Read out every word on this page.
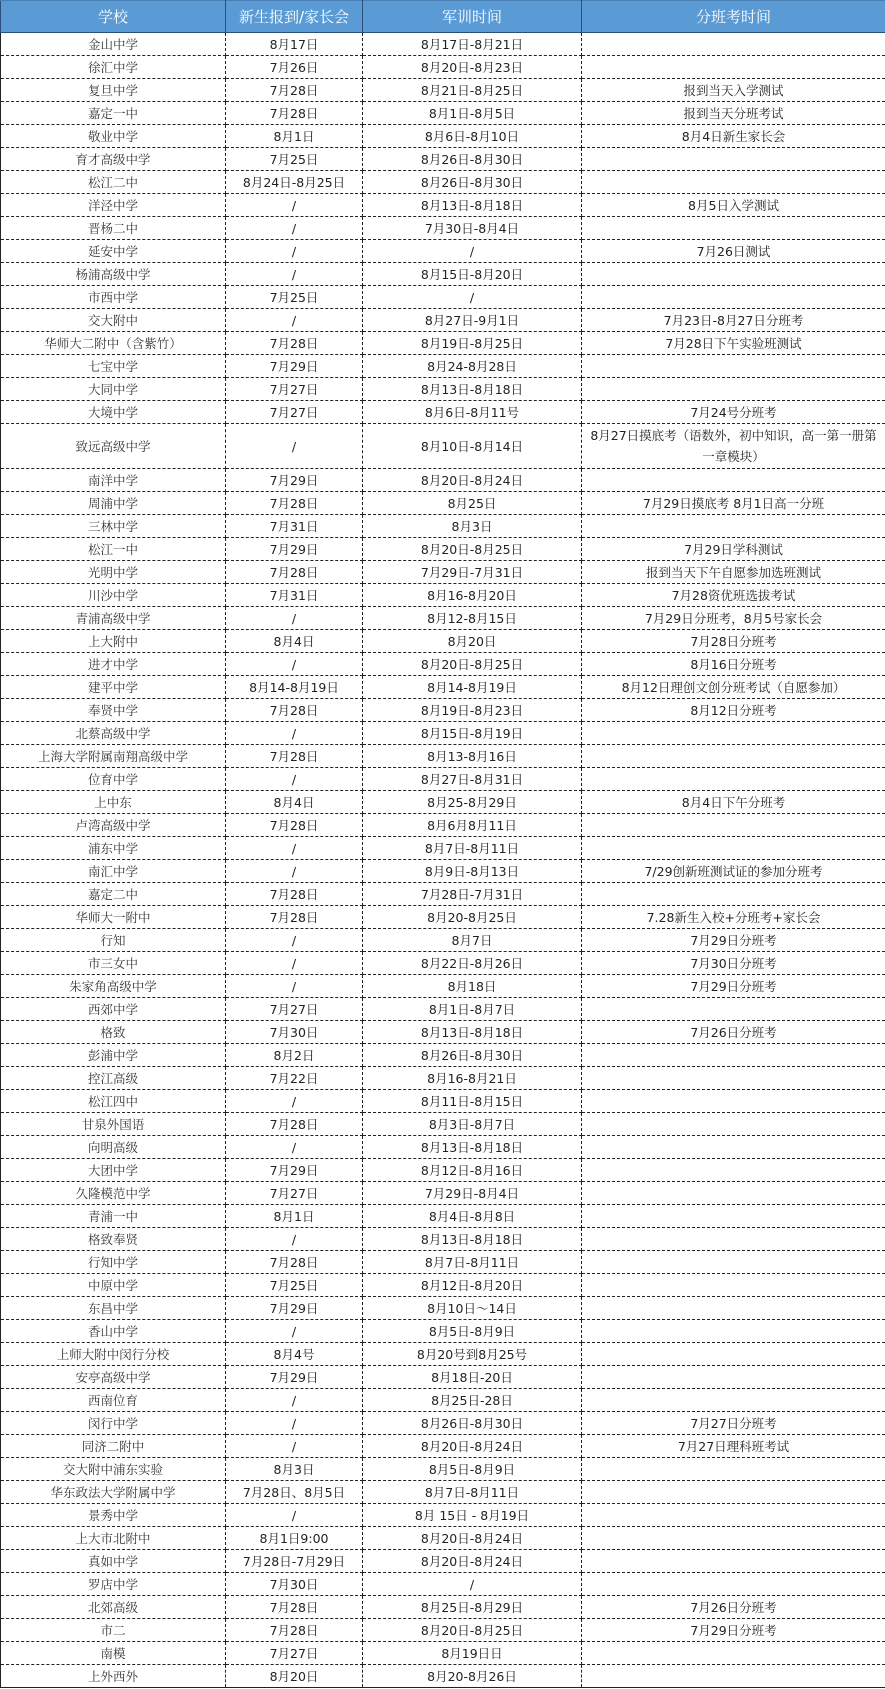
学校	新生报到/家长会	军训时间	分班考时间
金山中学	8月17日	8月17日-8月21日	
徐汇中学	7月26日	8月20日-8月23日	
复旦中学	7月28日	8月21日-8月25日	报到当天入学测试
嘉定一中	7月28日	8月1日-8月5日	报到当天分班考试
敬业中学	8月1日	8月6日-8月10日	8月4日新生家长会
育才高级中学	7月25日	8月26日-8月30日	
松江二中	8月24日-8月25日	8月26日-8月30日	
洋泾中学	/	8月13日-8月18日	8月5日入学测试
晋杨二中	/	7月30日-8月4日	
延安中学	/	/	7月26日测试
杨浦高级中学	/	8月15日-8月20日	
市西中学	7月25日	/	
交大附中	/	8月27日-9月1日	7月23日-8月27日分班考
华师大二附中（含紫竹）	7月28日	8月19日-8月25日	7月28日下午实验班测试
七宝中学	7月29日	8月24-8月28日	
大同中学	7月27日	8月13日-8月18日	
大境中学	7月27日	8月6日-8月11号	7月24号分班考
致远高级中学	/	8月10日-8月14日	8月27日摸底考（语数外，初中知识，高一第一册第一章模块）
南洋中学	7月29日	8月20日-8月24日	
周浦中学	7月28日	8月25日	7月29日摸底考 8月1日高一分班
三林中学	7月31日	8月3日	
松江一中	7月29日	8月20日-8月25日	7月29日学科测试
光明中学	7月28日	7月29日-7月31日	报到当天下午自愿参加选班测试
川沙中学	7月31日	8月16-8月20日	7月28资优班选拔考试
青浦高级中学	/	8月12-8月15日	7月29日分班考，8月5号家长会
上大附中	8月4日	8月20日	7月28日分班考
进才中学	/	8月20日-8月25日	8月16日分班考
建平中学	8月14-8月19日	8月14-8月19日	8月12日理创文创分班考试（自愿参加）
奉贤中学	7月28日	8月19日-8月23日	8月12日分班考
北蔡高级中学	/	8月15日-8月19日	
上海大学附属南翔高级中学	7月28日	8月13-8月16日	
位育中学	/	8月27日-8月31日	
上中东	8月4日	8月25-8月29日	8月4日下午分班考
卢湾高级中学	7月28日	8月6月8月11日	
浦东中学	/	8月7日-8月11日	
南汇中学	/	8月9日-8月13日	7/29创新班测试证的参加分班考
嘉定二中	7月28日	7月28日-7月31日	
华师大一附中	7月28日	8月20-8月25日	7.28新生入校+分班考+家长会
行知	/	8月7日	7月29日分班考
市三女中	/	8月22日-8月26日	7月30日分班考
朱家角高级中学	/	8月18日	7月29日分班考
西郊中学	7月27日	8月1日-8月7日	
格致	7月30日	8月13日-8月18日	7月26日分班考
彭浦中学	8月2日	8月26日-8月30日	
控江高级	7月22日	8月16-8月21日	
松江四中	/	8月11日-8月15日	
甘泉外国语	7月28日	8月3日-8月7日	
向明高级	/	8月13日-8月18日	
大团中学	7月29日	8月12日-8月16日	
久隆模范中学	7月27日	7月29日-8月4日	
青浦一中	8月1日	8月4日-8月8日	
格致奉贤	/	8月13日-8月18日	
行知中学	7月28日	8月7日-8月11日	
中原中学	7月25日	8月12日-8月20日	
东昌中学	7月29日	8月10日～14日	
香山中学	/	8月5日-8月9日	
上师大附中闵行分校	8月4号	8月20号到8月25号	
安亭高级中学	7月29日	8月18日-20日	
西南位育	/	8月25日-28日	
闵行中学	/	8月26日-8月30日	7月27日分班考
同济二附中	/	8月20日-8月24日	7月27日理科班考试
交大附中浦东实验	8月3日	8月5日-8月9日	
华东政法大学附属中学	7月28日、8月5日	8月7日-8月11日	
景秀中学	/	8月 15日 - 8月19日	
上大市北附中	8月1日9:00	8月20日-8月24日	
真如中学	7月28日-7月29日	8月20日-8月24日	
罗店中学	7月30日	/	
北郊高级	7月28日	8月25日-8月29日	7月26日分班考
市二	7月28日	8月20日-8月25日	7月29日分班考
南模	7月27日	8月19日日	
上外西外	8月20日	8月20-8月26日	
